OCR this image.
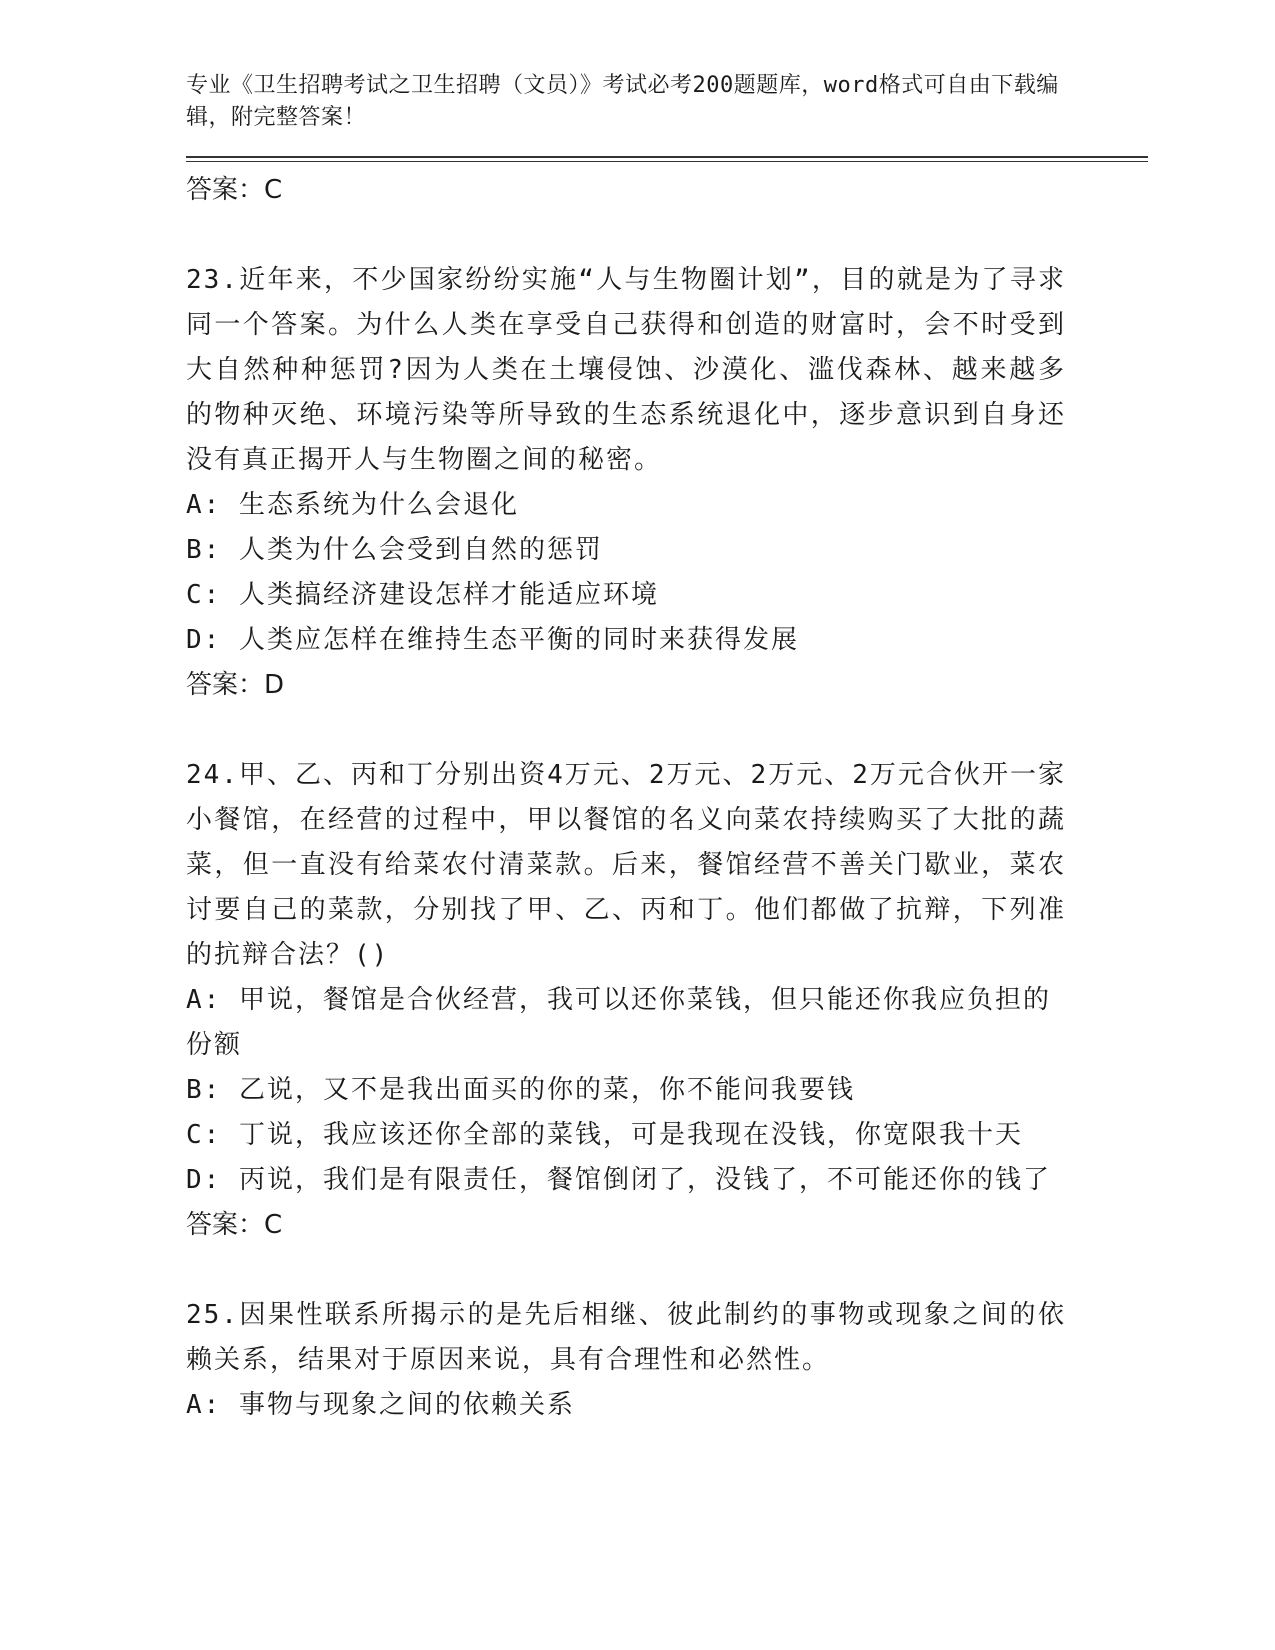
专业《卫生招聘考试之卫生招聘（文员）》考试必考200题题库，word格式可自由下载编辑，附完整答案！
答案：C
23.近年来，不少国家纷纷实施“人与生物圈计划”，目的就是为了寻求同一个答案。为什么人类在享受自己获得和创造的财富时，会不时受到大自然种种惩罚?因为人类在土壤侵蚀、沙漠化、滥伐森林、越来越多的物种灭绝、环境污染等所导致的生态系统退化中，逐步意识到自身还没有真正揭开人与生物圈之间的秘密。
A: 生态系统为什么会退化
B: 人类为什么会受到自然的惩罚
C: 人类搞经济建设怎样才能适应环境
D: 人类应怎样在维持生态平衡的同时来获得发展
答案：D
24.甲、乙、丙和丁分别出资4万元、2万元、2万元、2万元合伙开一家小餐馆，在经营的过程中，甲以餐馆的名义向菜农持续购买了大批的蔬菜，但一直没有给菜农付清菜款。后来，餐馆经营不善关门歇业，菜农讨要自己的菜款，分别找了甲、乙、丙和丁。他们都做了抗辩，下列准的抗辩合法？()
A: 甲说，餐馆是合伙经营，我可以还你菜钱，但只能还你我应负担的份额
B: 乙说，又不是我出面买的你的菜，你不能问我要钱
C: 丁说，我应该还你全部的菜钱，可是我现在没钱，你宽限我十天
D: 丙说，我们是有限责任，餐馆倒闭了，没钱了，不可能还你的钱了
答案：C
25.因果性联系所揭示的是先后相继、彼此制约的事物或现象之间的依赖关系，结果对于原因来说，具有合理性和必然性。
A: 事物与现象之间的依赖关系
